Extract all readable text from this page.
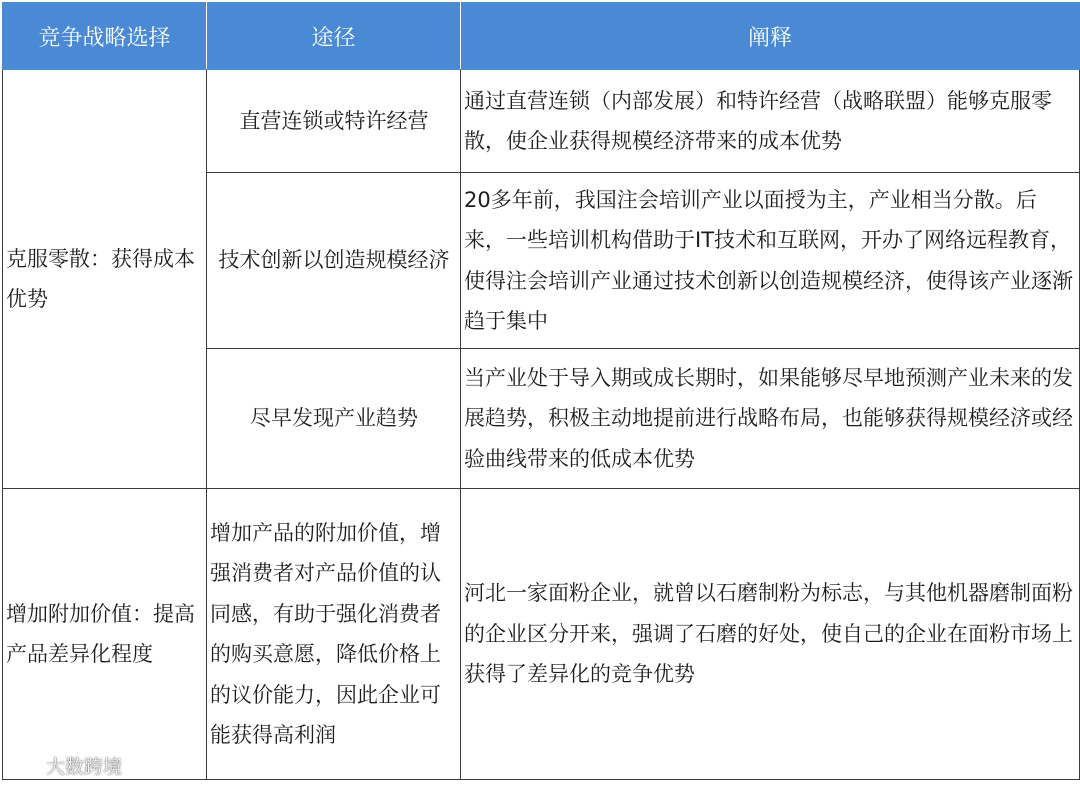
竞争战略选择	途径	阐释
克服零散：获得成本优势	直营连锁或特许经营	通过直营连锁（内部发展）和特许经营（战略联盟）能够克服零散，使企业获得规模经济带来的成本优势
	技术创新以创造规模经济	20多年前，我国注会培训产业以面授为主，产业相当分散。后来，一些培训机构借助于IT技术和互联网，开办了网络远程教育，使得注会培训产业通过技术创新以创造规模经济，使得该产业逐渐趋于集中
	尽早发现产业趋势	当产业处于导入期或成长期时，如果能够尽早地预测产业未来的发展趋势，积极主动地提前进行战略布局，也能够获得规模经济或经验曲线带来的低成本优势
增加附加价值：提高产品差异化程度	增加产品的附加价值，增强消费者对产品价值的认同感，有助于强化消费者的购买意愿，降低价格上的议价能力，因此企业可能获得高利润	河北一家面粉企业，就曾以石磨制粉为标志，与其他机器磨制面粉的企业区分开来，强调了石磨的好处，使自己的企业在面粉市场上获得了差异化的竞争优势
大数跨境
